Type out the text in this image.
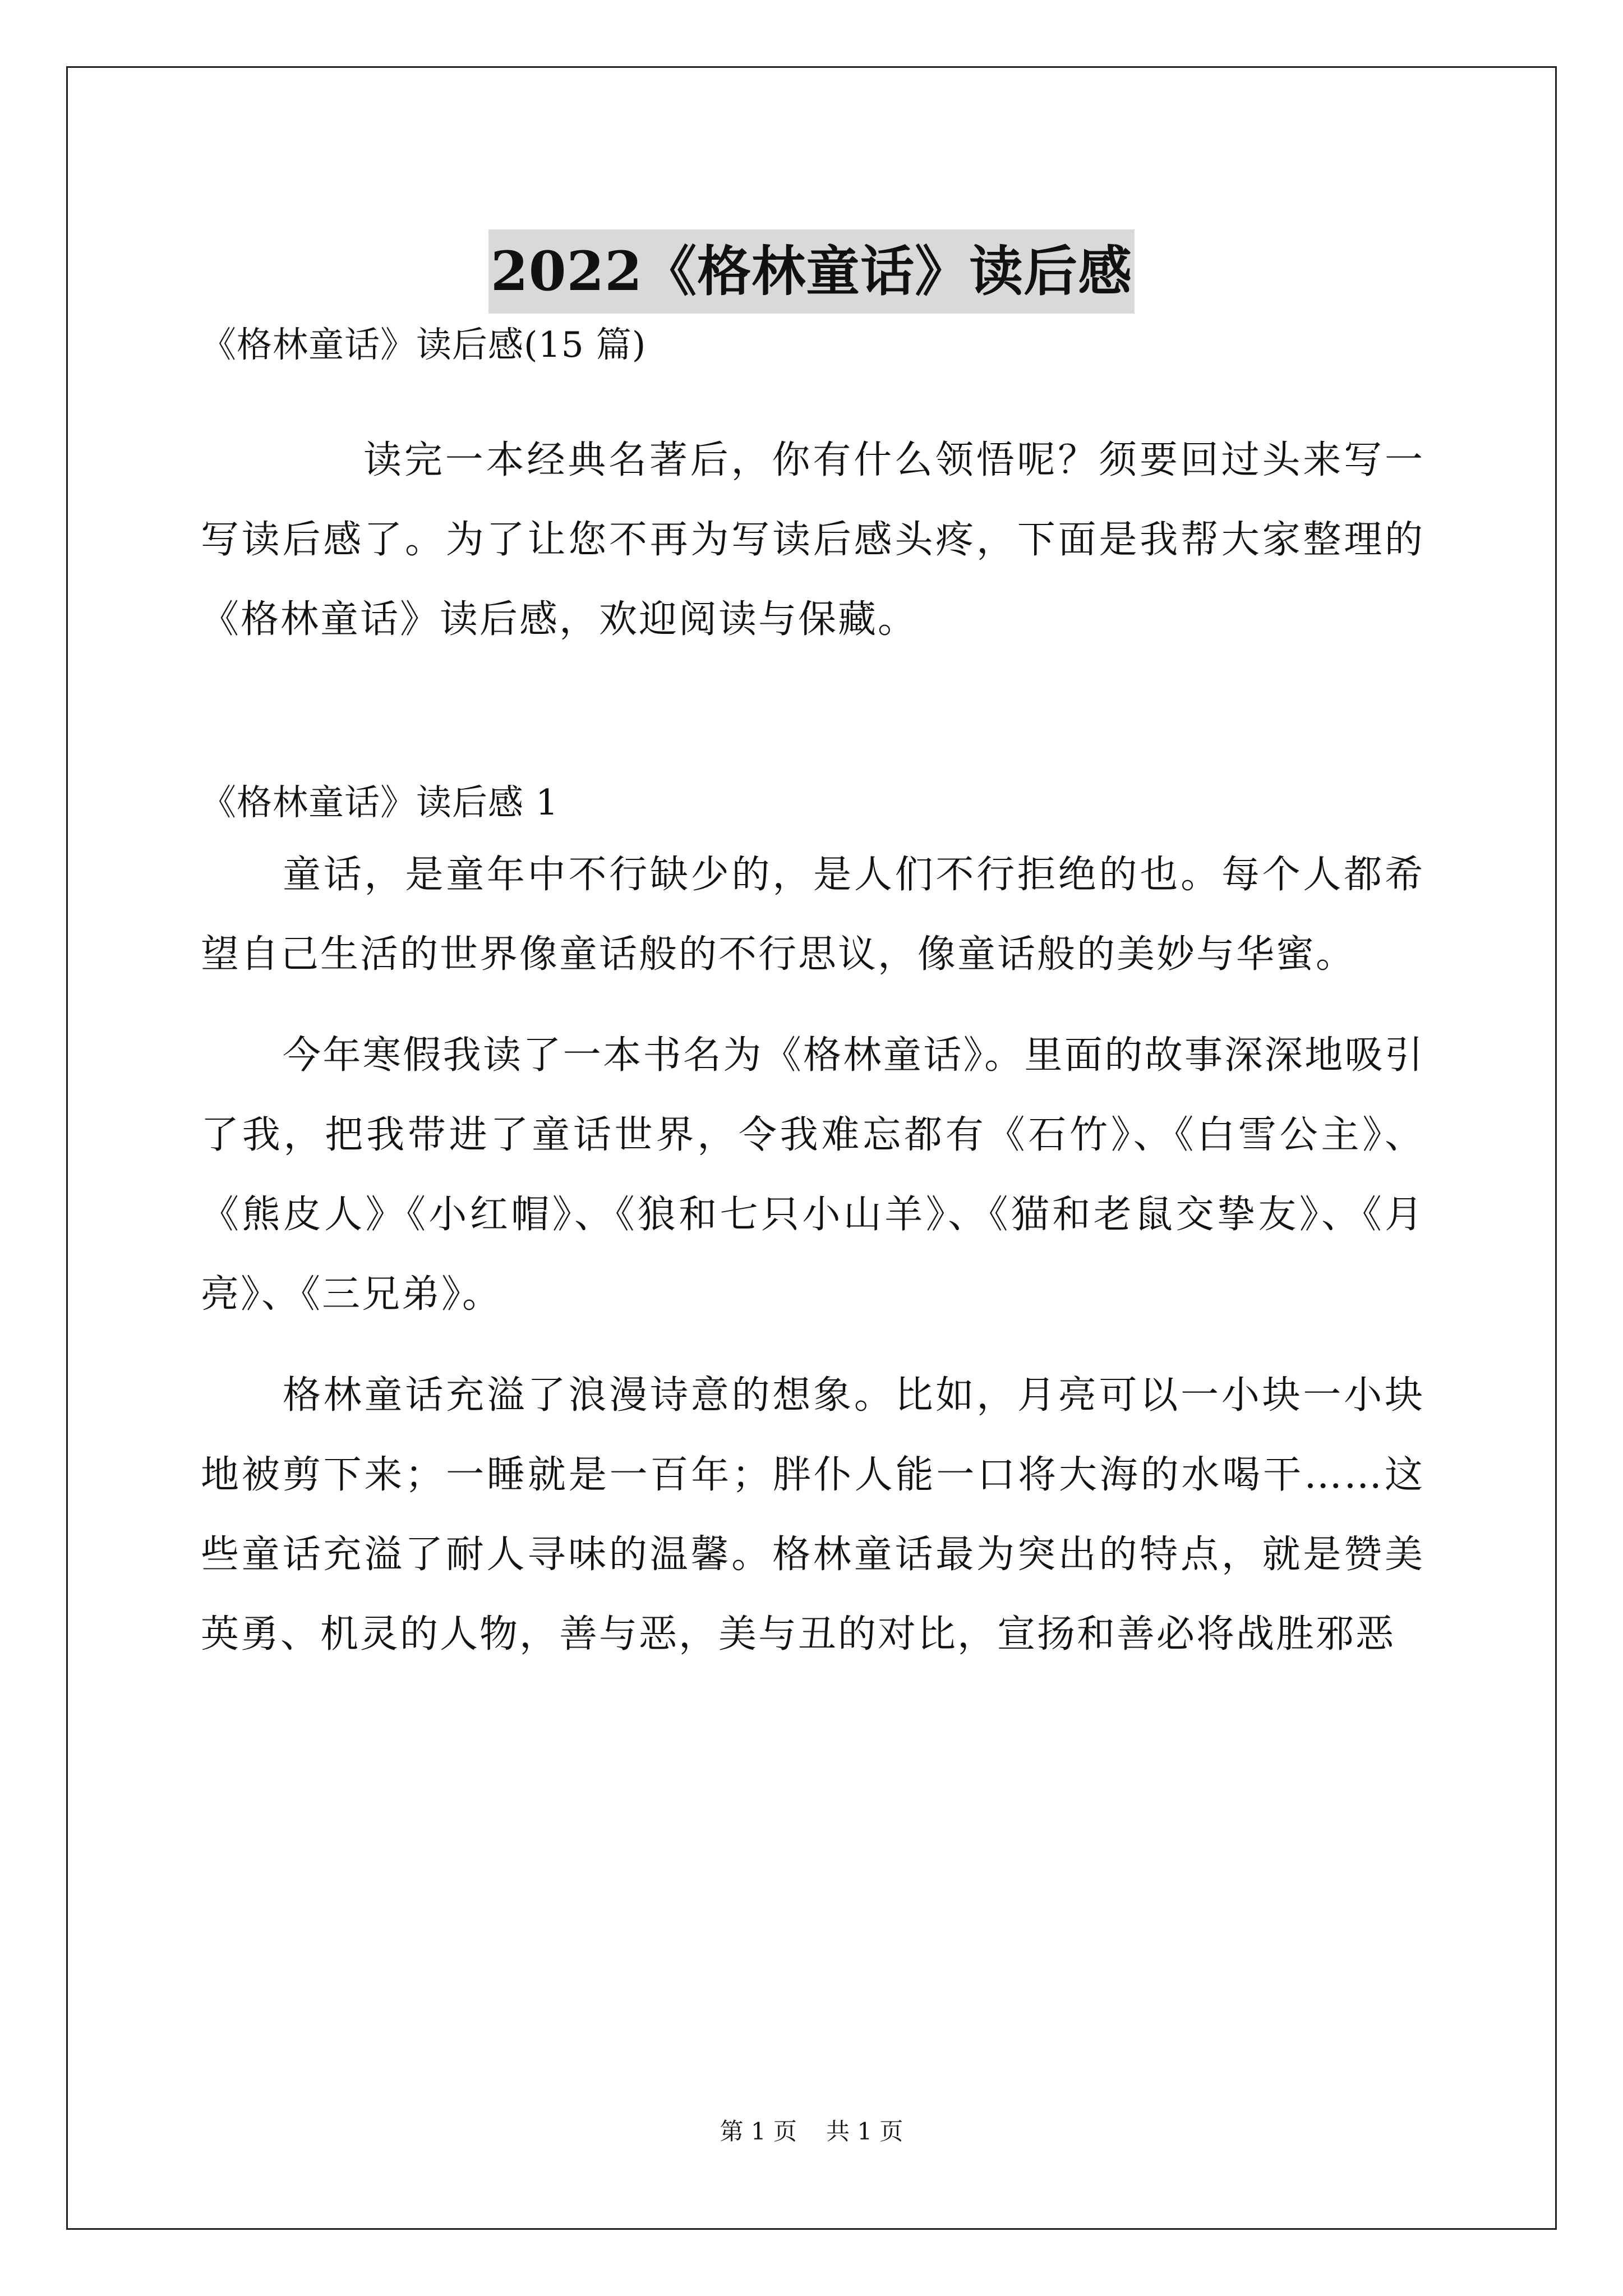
2022《格林童话》读后感

《格林童话》读后感(15 篇)

读完一本经典名著后，你有什么领悟呢？须要回过头来写一写读后感了。为了让您不再为写读后感头疼，下面是我帮大家整理的《格林童话》读后感，欢迎阅读与保藏。

《格林童话》读后感 1

童话，是童年中不行缺少的，是人们不行拒绝的也。每个人都希望自己生活的世界像童话般的不行思议，像童话般的美妙与华蜜。

今年寒假我读了一本书名为《格林童话》。里面的故事深深地吸引了我，把我带进了童话世界，令我难忘都有《石竹》、《白雪公主》、《熊皮人》《小红帽》、《狼和七只小山羊》、《猫和老鼠交挚友》、《月亮》、《三兄弟》。

格林童话充溢了浪漫诗意的想象。比如，月亮可以一小块一小块地被剪下来；一睡就是一百年；胖仆人能一口将大海的水喝干……这些童话充溢了耐人寻味的温馨。格林童话最为突出的特点，就是赞美英勇、机灵的人物，善与恶，美与丑的对比，宣扬和善必将战胜邪恶

第 1 页 共 1 页
